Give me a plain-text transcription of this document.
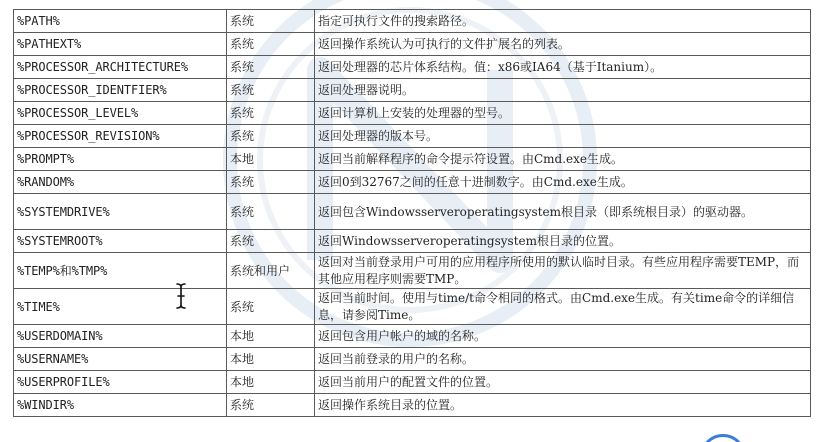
%PATH%	系统	指定可执行文件的搜索路径。
%PATHEXT%	系统	返回操作系统认为可执行的文件扩展名的列表。
%PROCESSOR_ARCHITECTURE%	系统	返回处理器的芯片体系结构。值：x86或IA64（基于Itanium）。
%PROCESSOR_IDENTFIER%	系统	返回处理器说明。
%PROCESSOR_LEVEL%	系统	返回计算机上安装的处理器的型号。
%PROCESSOR_REVISION%	系统	返回处理器的版本号。
%PROMPT%	本地	返回当前解释程序的命令提示符设置。由Cmd.exe生成。
%RANDOM%	系统	返回0到32767之间的任意十进制数字。由Cmd.exe生成。
%SYSTEMDRIVE%	系统	返回包含Windowsserveroperatingsystem根目录（即系统根目录）的驱动器。
%SYSTEMROOT%	系统	返回Windowsserveroperatingsystem根目录的位置。
%TEMP%和%TMP%	系统和用户	返回对当前登录用户可用的应用程序所使用的默认临时目录。有些应用程序需要TEMP，而其他应用程序则需要TMP。
%TIME%	系统	返回当前时间。使用与time/t命令相同的格式。由Cmd.exe生成。有关time命令的详细信息，请参阅Time。
%USERDOMAIN%	本地	返回包含用户帐户的域的名称。
%USERNAME%	本地	返回当前登录的用户的名称。
%USERPROFILE%	本地	返回当前用户的配置文件的位置。
%WINDIR%	系统	返回操作系统目录的位置。
